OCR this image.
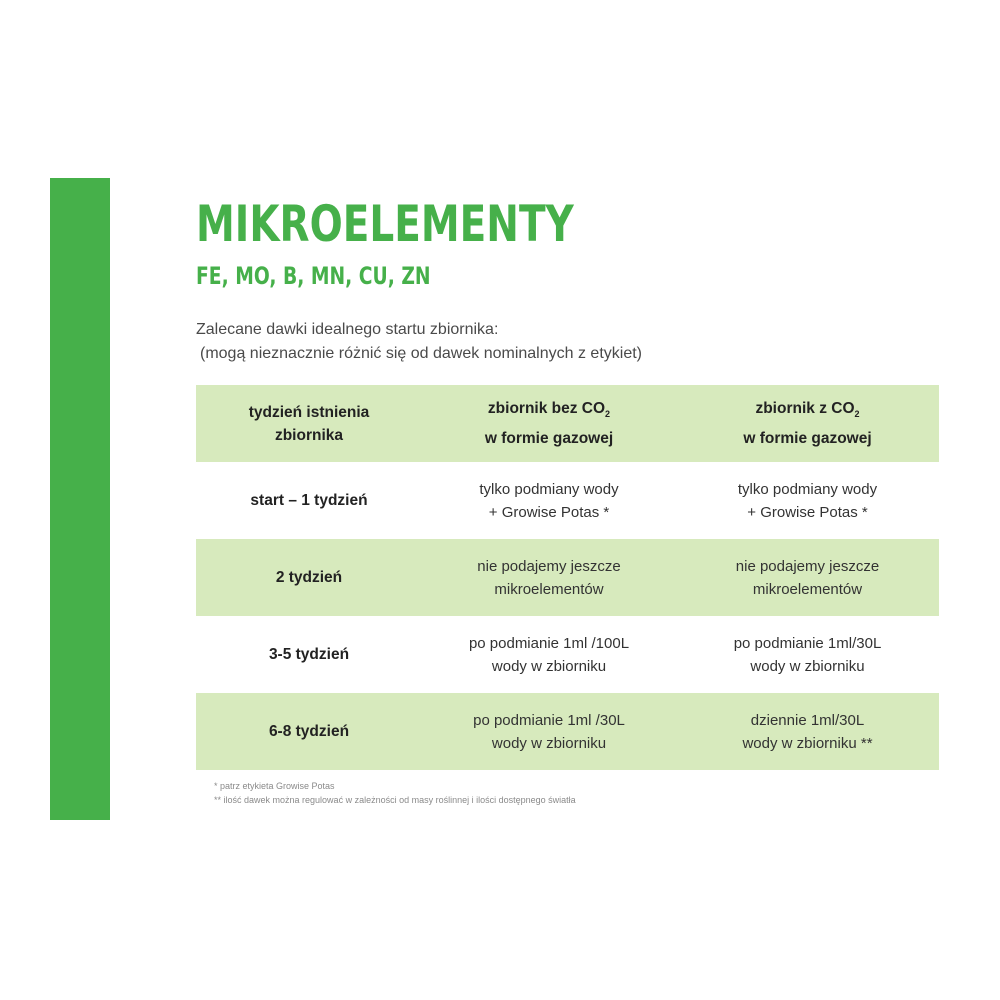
MIKROELEMENTY
FE, MO, B, MN, CU, ZN
Zalecane dawki idealnego startu zbiornika:
(mogą nieznacznie różnić się od dawek nominalnych z etykiet)
tydzień istnienia
zbiornika
zbiornik bez $CO_2$
w formie gazowej
zbiornik z $CO_2$
w formie gazowej
start – 1 tydzień
tylko podmiany wody
+ Growise Potas *
tylko podmiany wody
+ Growise Potas *
2 tydzień
nie podajemy jeszcze
mikroelementów
nie podajemy jeszcze
mikroelementów
3-5 tydzień
po podmianie 1ml /100L
wody w zbiorniku
po podmianie 1ml/30L
wody w zbiorniku
6-8 tydzień
po podmianie 1ml /30L
wody w zbiorniku
dziennie 1ml/30L
wody w zbiorniku **
* patrz etykieta Growise Potas
** ilość dawek można regulować w zależności od masy roślinnej i ilości dostępnego światła
